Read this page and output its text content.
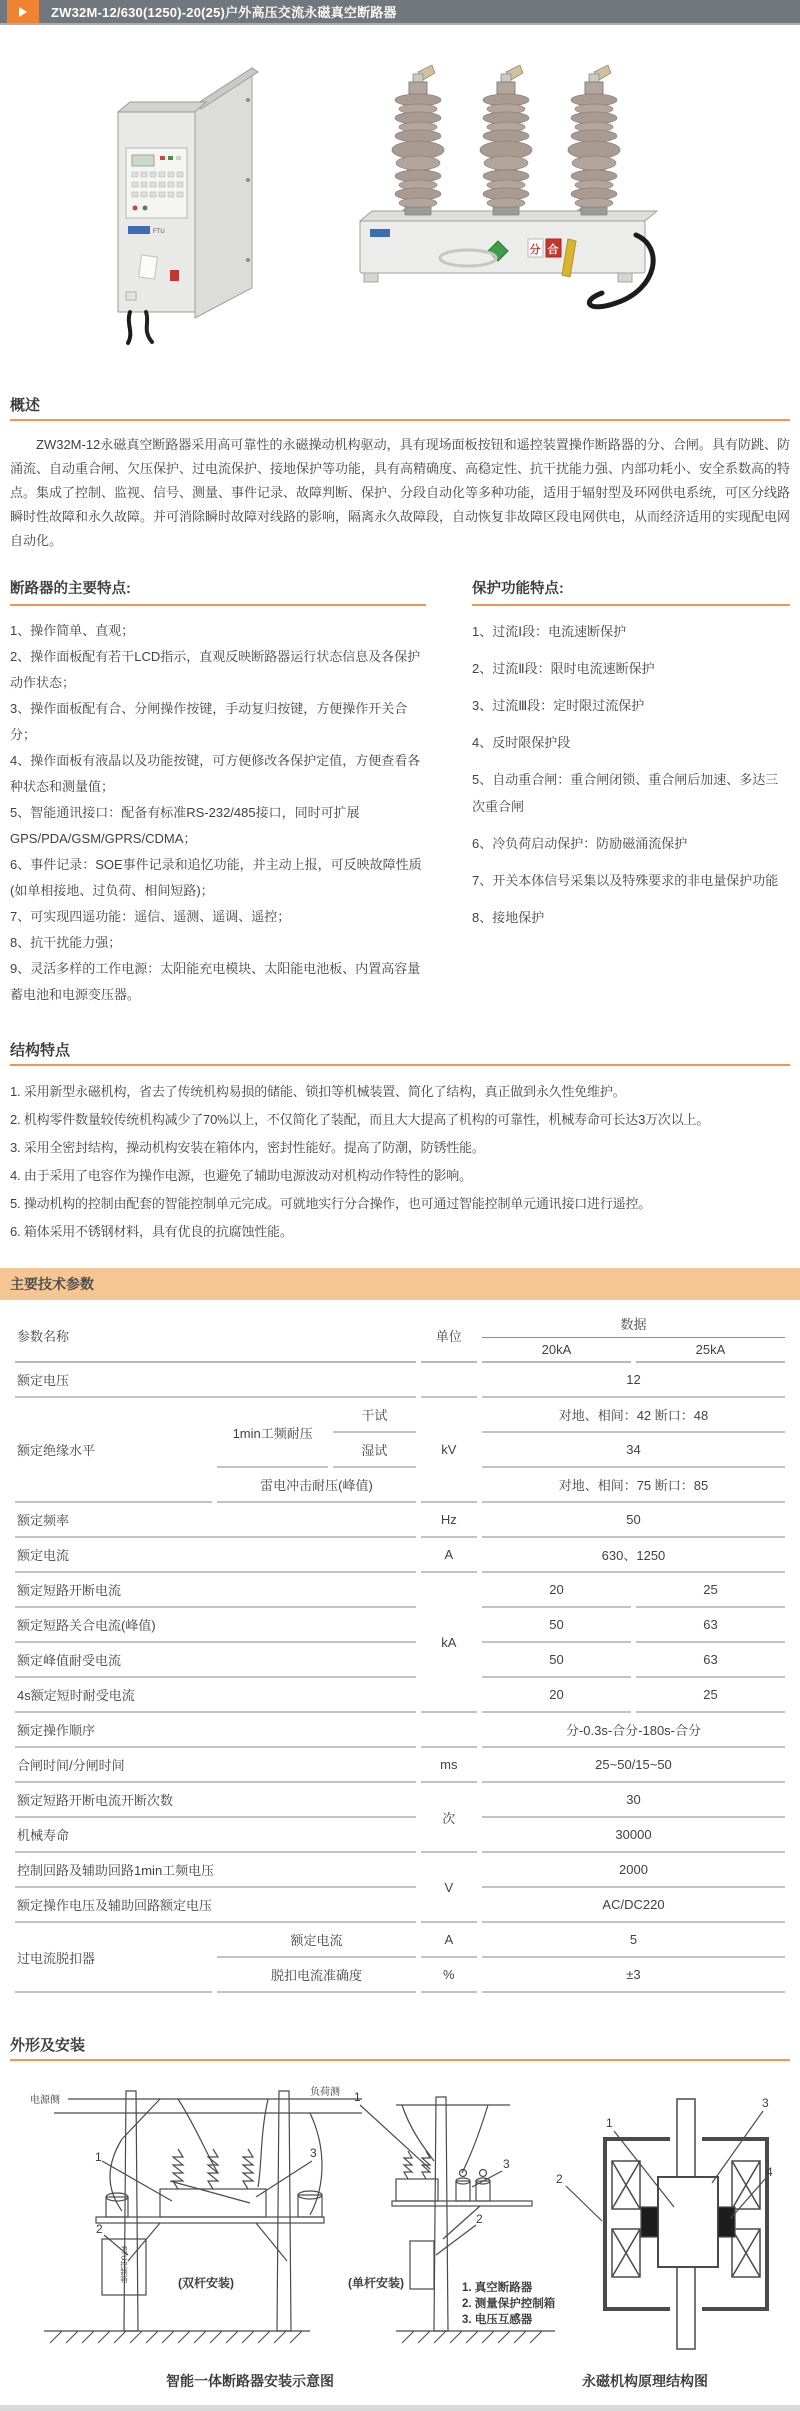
ZW32M-12/630(1250)-20(25)户外高压交流永磁真空断路器
FTU
分 合
概述

ZW32M-12永磁真空断路器采用高可靠性的永磁操动机构驱动，具有现场面板按钮和遥控装置操作断路器的分、合闸。具有防跳、防涌流、自动重合闸、欠压保护、过电流保护、接地保护等功能，具有高精确度、高稳定性、抗干扰能力强、内部功耗小、安全系数高的特点。集成了控制、监视、信号、测量、事件记录、故障判断、保护、分段自动化等多种功能，适用于辐射型及环网供电系统，可区分线路瞬时性故障和永久故障。并可消除瞬时故障对线路的影响，隔离永久故障段，自动恢复非故障区段电网供电，从而经济适用的实现配电网自动化。

断路器的主要特点:
1、操作简单、直观；
2、操作面板配有若干LCD指示，直观反映断路器运行状态信息及各保护动作状态；
3、操作面板配有合、分闸操作按键，手动复归按键，方便操作开关合分；
4、操作面板有液晶以及功能按键，可方便修改各保护定值，方便查看各种状态和测量值；
5、智能通讯接口：配备有标准RS-232/485接口，同时可扩展GPS/PDA/GSM/GPRS/CDMA；
6、事件记录：SOE事件记录和追忆功能，并主动上报，可反映故障性质(如单相接地、过负荷、相间短路)；
7、可实现四遥功能：遥信、遥测、遥调、遥控；
8、抗干扰能力强；
9、灵活多样的工作电源：太阳能充电模块、太阳能电池板、内置高容量蓄电池和电源变压器。
保护功能特点:
1、过流Ⅰ段：电流速断保护
2、过流Ⅱ段：限时电流速断保护
3、过流Ⅲ段：定时限过流保护
4、反时限保护段
5、自动重合闸：重合闸闭锁、重合闸后加速、多达三次重合闸
6、冷负荷启动保护：防励磁涌流保护
7、开关本体信号采集以及特殊要求的非电量保护功能
8、接地保护
结构特点
1. 采用新型永磁机构，省去了传统机构易损的储能、锁扣等机械装置、简化了结构，真正做到永久性免维护。
2. 机构零件数量较传统机构减少了70%以上，不仅简化了装配，而且大大提高了机构的可靠性，机械寿命可长达3万次以上。
3. 采用全密封结构，操动机构安装在箱体内，密封性能好。提高了防潮，防锈性能。
4. 由于采用了电容作为操作电源，也避免了辅助电源波动对机构动作特性的影响。
5. 操动机构的控制由配套的智能控制单元完成。可就地实行分合操作，也可通过智能控制单元通讯接口进行遥控。
6. 箱体采用不锈钢材料，具有优良的抗腐蚀性能。
主要技术参数
参数名称			单位	数据	
				20kA	25kA
额定电压				12	
额定绝缘水平	1min工频耐压	干试	kV	对地、相间：42 断口：48	
		湿试		34	
	雷电冲击耐压(峰值)			对地、相间：75 断口：85	
额定频率			Hz	50	
额定电流			A	630、1250	
额定短路开断电流			kA	20	25
额定短路关合电流(峰值)				50	63
额定峰值耐受电流				50	63
4s额定短时耐受电流				20	25
额定操作顺序				分-0.3s-合分-180s-合分	
合闸时间/分闸时间			ms	25~50/15~50	
额定短路开断电流开断次数			次	30	
机械寿命				30000	
控制回路及辅助回路1min工频电压			V	2000	
额定操作电压及辅助回路额定电压				AC/DC220	
过电流脱扣器	额定电流		A	5	
	脱扣电流准确度		%	±3	
外形及安装
电源侧
负荷测 1
1
2
3
FTU控制箱	(双杆安装)
3
2
(单杆安装)	1. 真空断路器
2. 测量保护控制箱
3. 电压互感器
1
2
3
4
智能一体断路器安装示意图	永磁机构原理结构图
